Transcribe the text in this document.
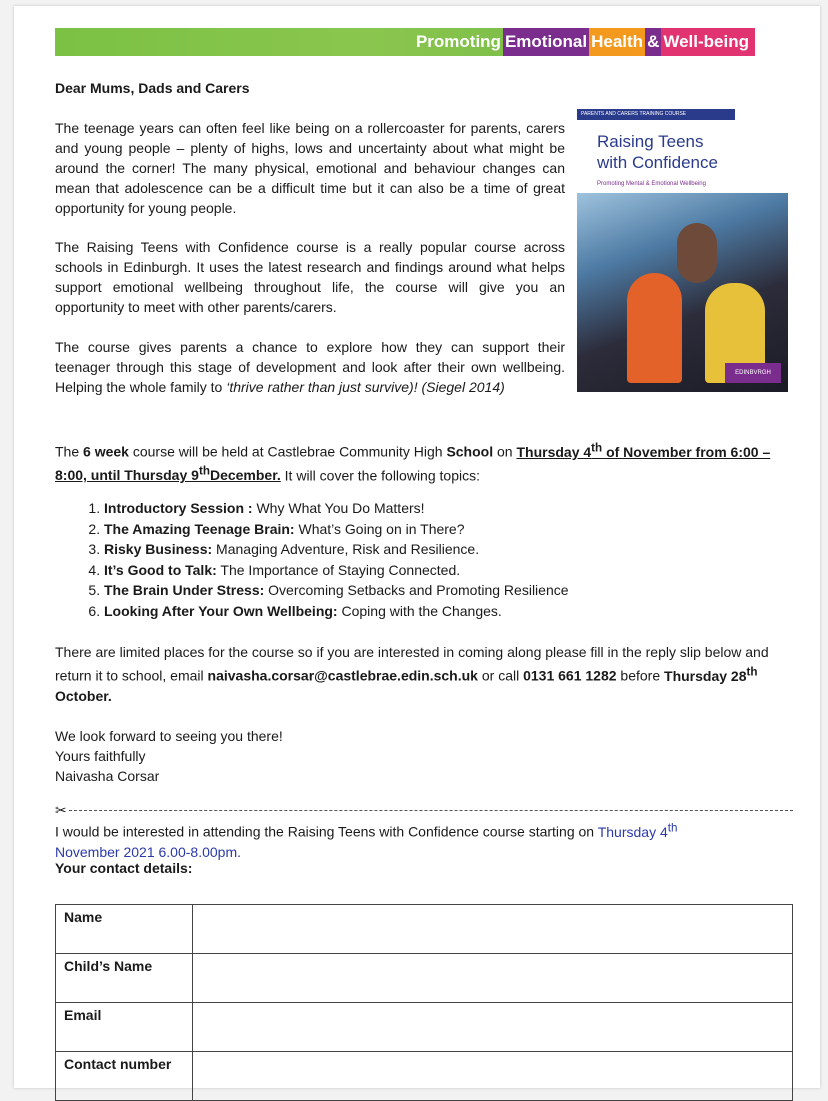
Promoting Emotional Health & Well-being
Dear Mums, Dads and Carers
The teenage years can often feel like being on a rollercoaster for parents, carers and young people – plenty of highs, lows and uncertainty about what might be around the corner! The many physical, emotional and behaviour changes can mean that adolescence can be a difficult time but it can also be a time of great opportunity for young people.
The Raising Teens with Confidence course is a really popular course across schools in Edinburgh. It uses the latest research and findings around what helps support emotional wellbeing throughout life, the course will give you an opportunity to meet with other parents/carers.
The course gives parents a chance to explore how they can support their teenager through this stage of development and look after their own wellbeing. Helping the whole family to ‘thrive rather than just survive)! (Siegel 2014)
PARENTS AND CARERS TRAINING COURSE
Raising Teens
with Confidence
Promoting Mental & Emotional Wellbeing
EDINBVRGH
The 6 week course will be held at Castlebrae Community High School on Thursday 4th of November from 6:00 – 8:00, until Thursday 9thDecember. It will cover the following topics:
1. Introductory Session : Why What You Do Matters!
2. The Amazing Teenage Brain: What’s Going on in There?
3. Risky Business: Managing Adventure, Risk and Resilience.
4. It’s Good to Talk: The Importance of Staying Connected.
5. The Brain Under Stress: Overcoming Setbacks and Promoting Resilience
6. Looking After Your Own Wellbeing: Coping with the Changes.
There are limited places for the course so if you are interested in coming along please fill in the reply slip below and return it to school, email naivasha.corsar@castlebrae.edin.sch.uk or call 0131 661 1282 before Thursday 28th October.
We look forward to seeing you there!
Yours faithfully
Naivasha Corsar
✂
I would be interested in attending the Raising Teens with Confidence course starting on Thursday 4th
November 2021 6.00-8.00pm.
Your contact details:
Name	
Child’s Name	
Email	
Contact number	
